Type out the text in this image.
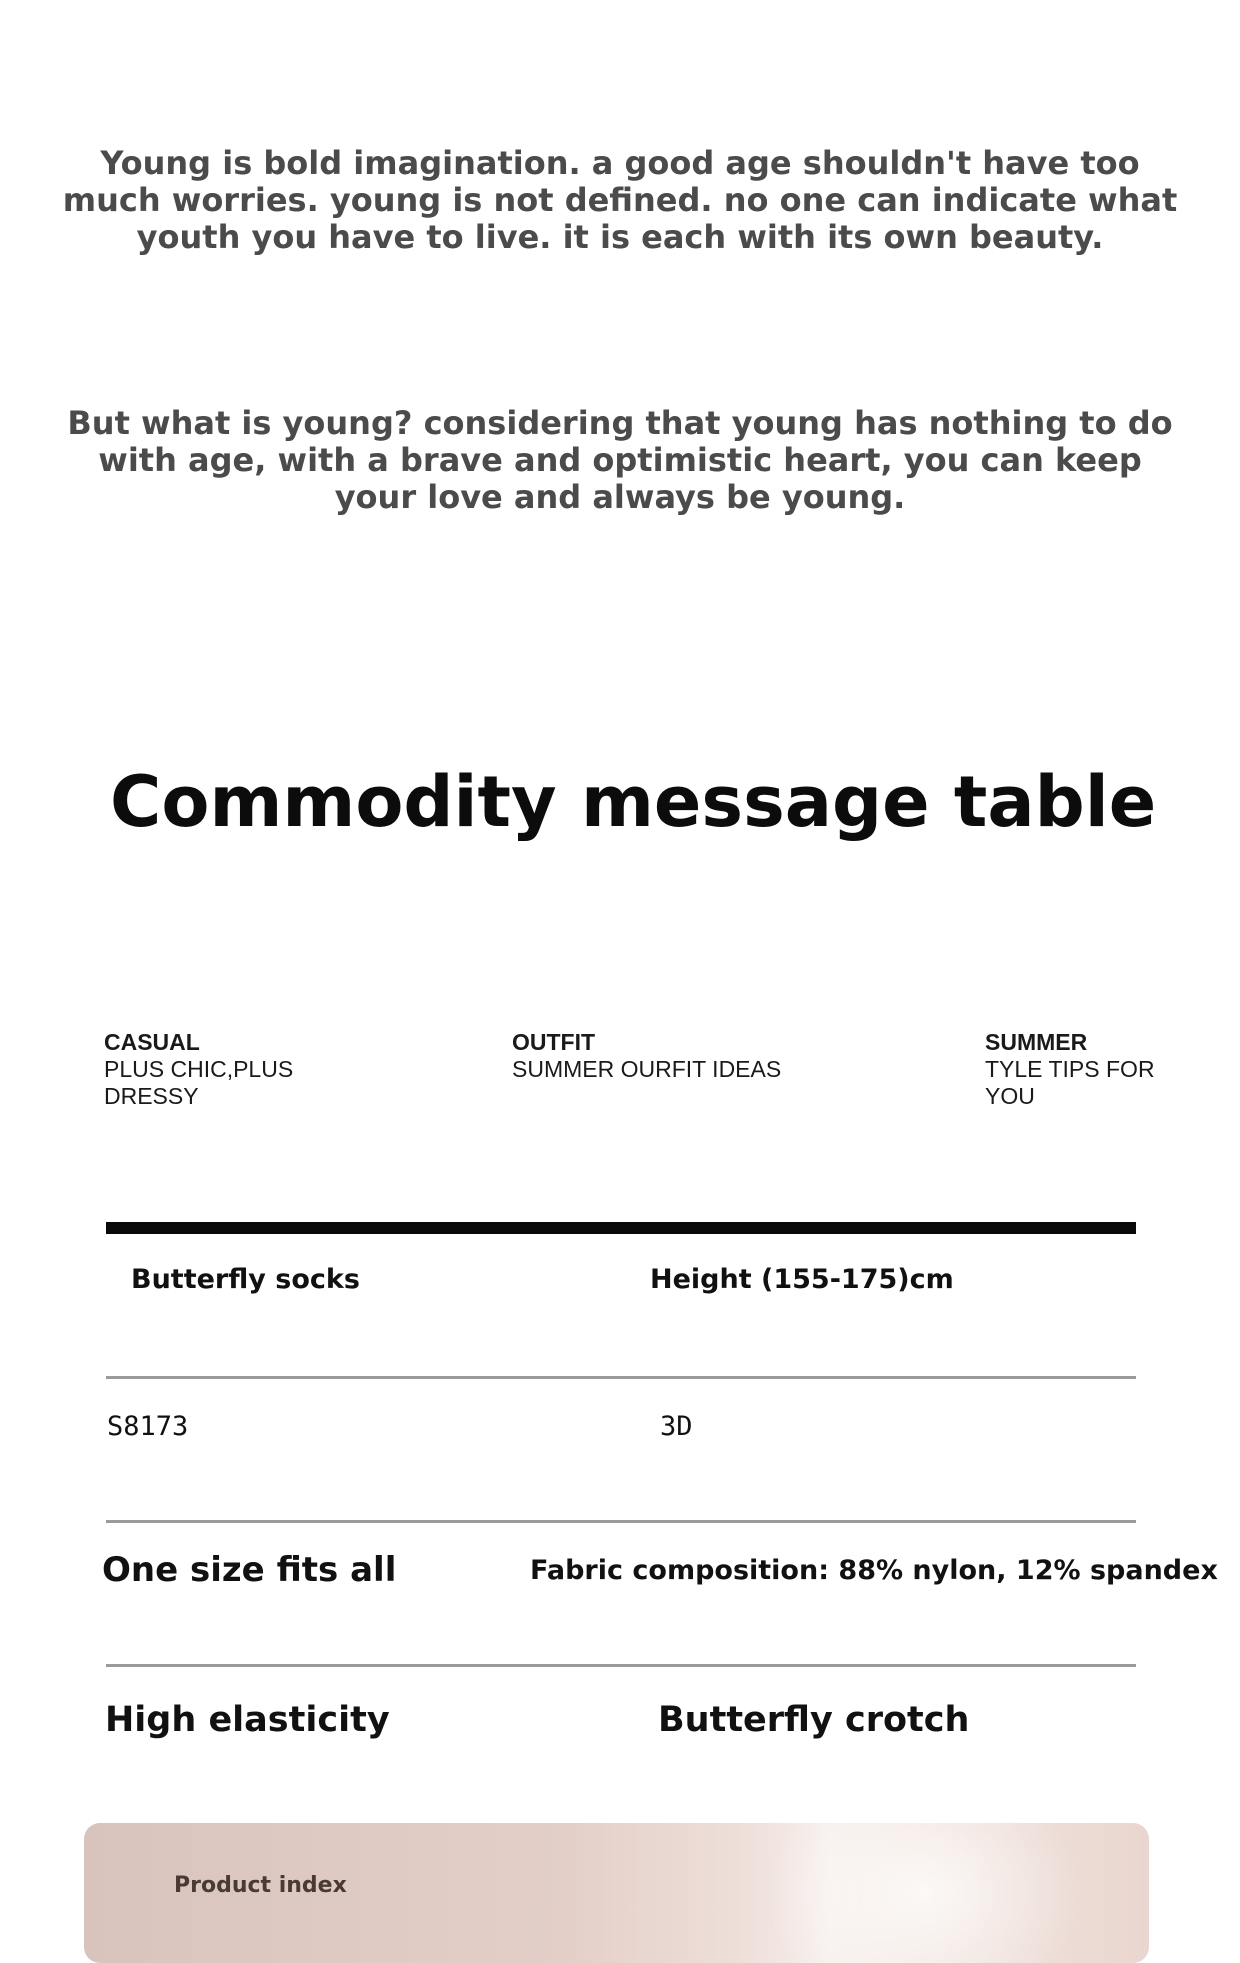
Young is bold imagination. a good age shouldn't have too much worries. young is not defined. no one can indicate what youth you have to live. it is each with its own beauty.
But what is young? considering that young has nothing to do with age, with a brave and optimistic heart, you can keep your love and always be young.
Commodity message table
CASUAL
PLUS CHIC,PLUS DRESSY
OUTFIT
SUMMER OURFIT IDEAS
SUMMER
TYLE TIPS FOR YOU
Butterfly socks	Height (155-175)cm
S8173	3D
One size fits all	Fabric composition: 88% nylon, 12% spandex
High elasticity	Butterfly crotch
Product index
